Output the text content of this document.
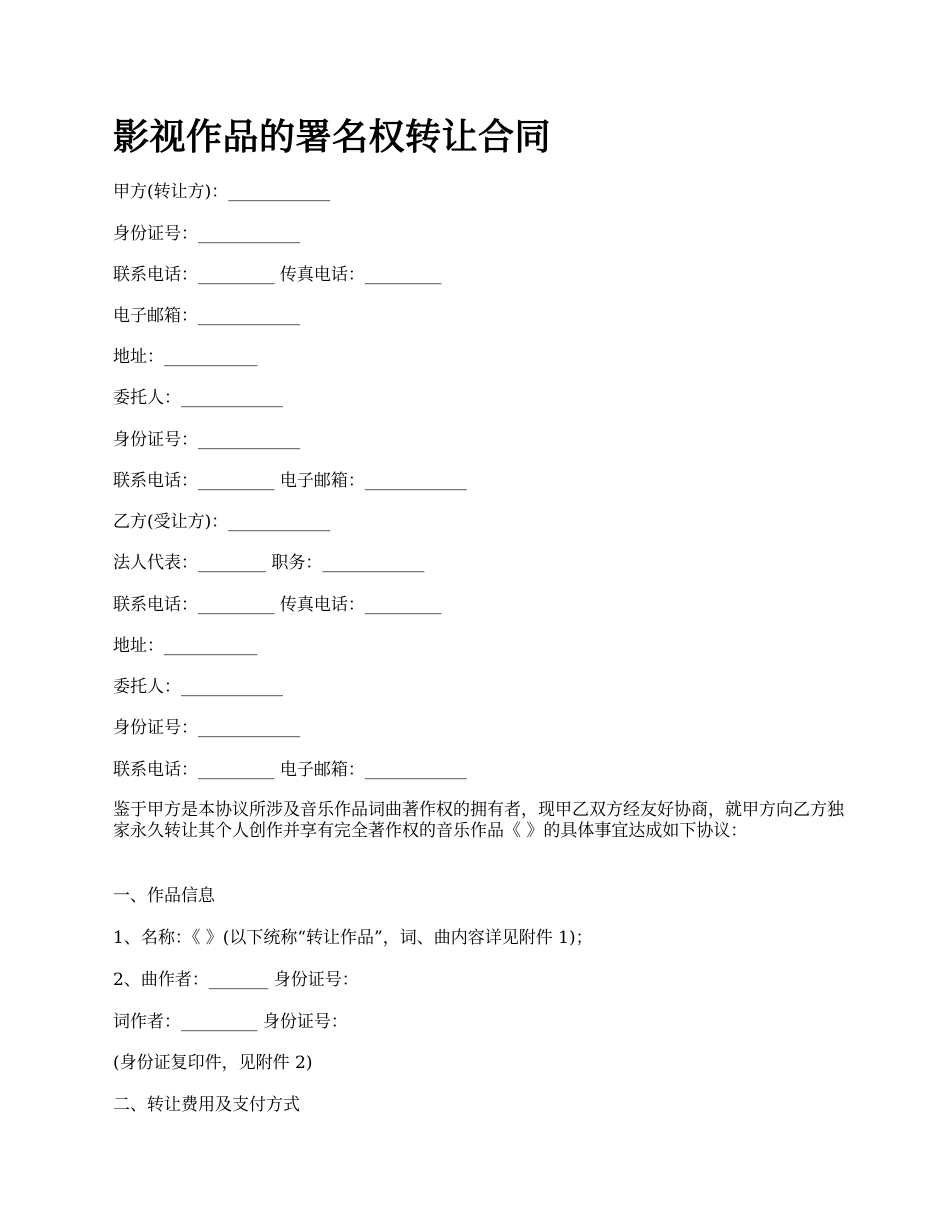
影视作品的署名权转让合同
甲方(转让方)：____________
身份证号：____________
联系电话：_________ 传真电话：_________
电子邮箱：____________
地址：___________
委托人：____________
身份证号：____________
联系电话：_________ 电子邮箱：____________
乙方(受让方)：____________
法人代表：________ 职务：____________
联系电话：_________ 传真电话：_________
地址：___________
委托人：____________
身份证号：____________
联系电话：_________ 电子邮箱：____________
鉴于甲方是本协议所涉及音乐作品词曲著作权的拥有者，现甲乙双方经友好协商，就甲方向乙方独家永久转让其个人创作并享有完全著作权的音乐作品《 》的具体事宜达成如下协议：
一、作品信息
1、名称：《 》(以下统称“转让作品”，词、曲内容详见附件 1)；
2、曲作者：_______ 身份证号：
词作者：_________ 身份证号：
(身份证复印件，见附件 2)
二、转让费用及支付方式
